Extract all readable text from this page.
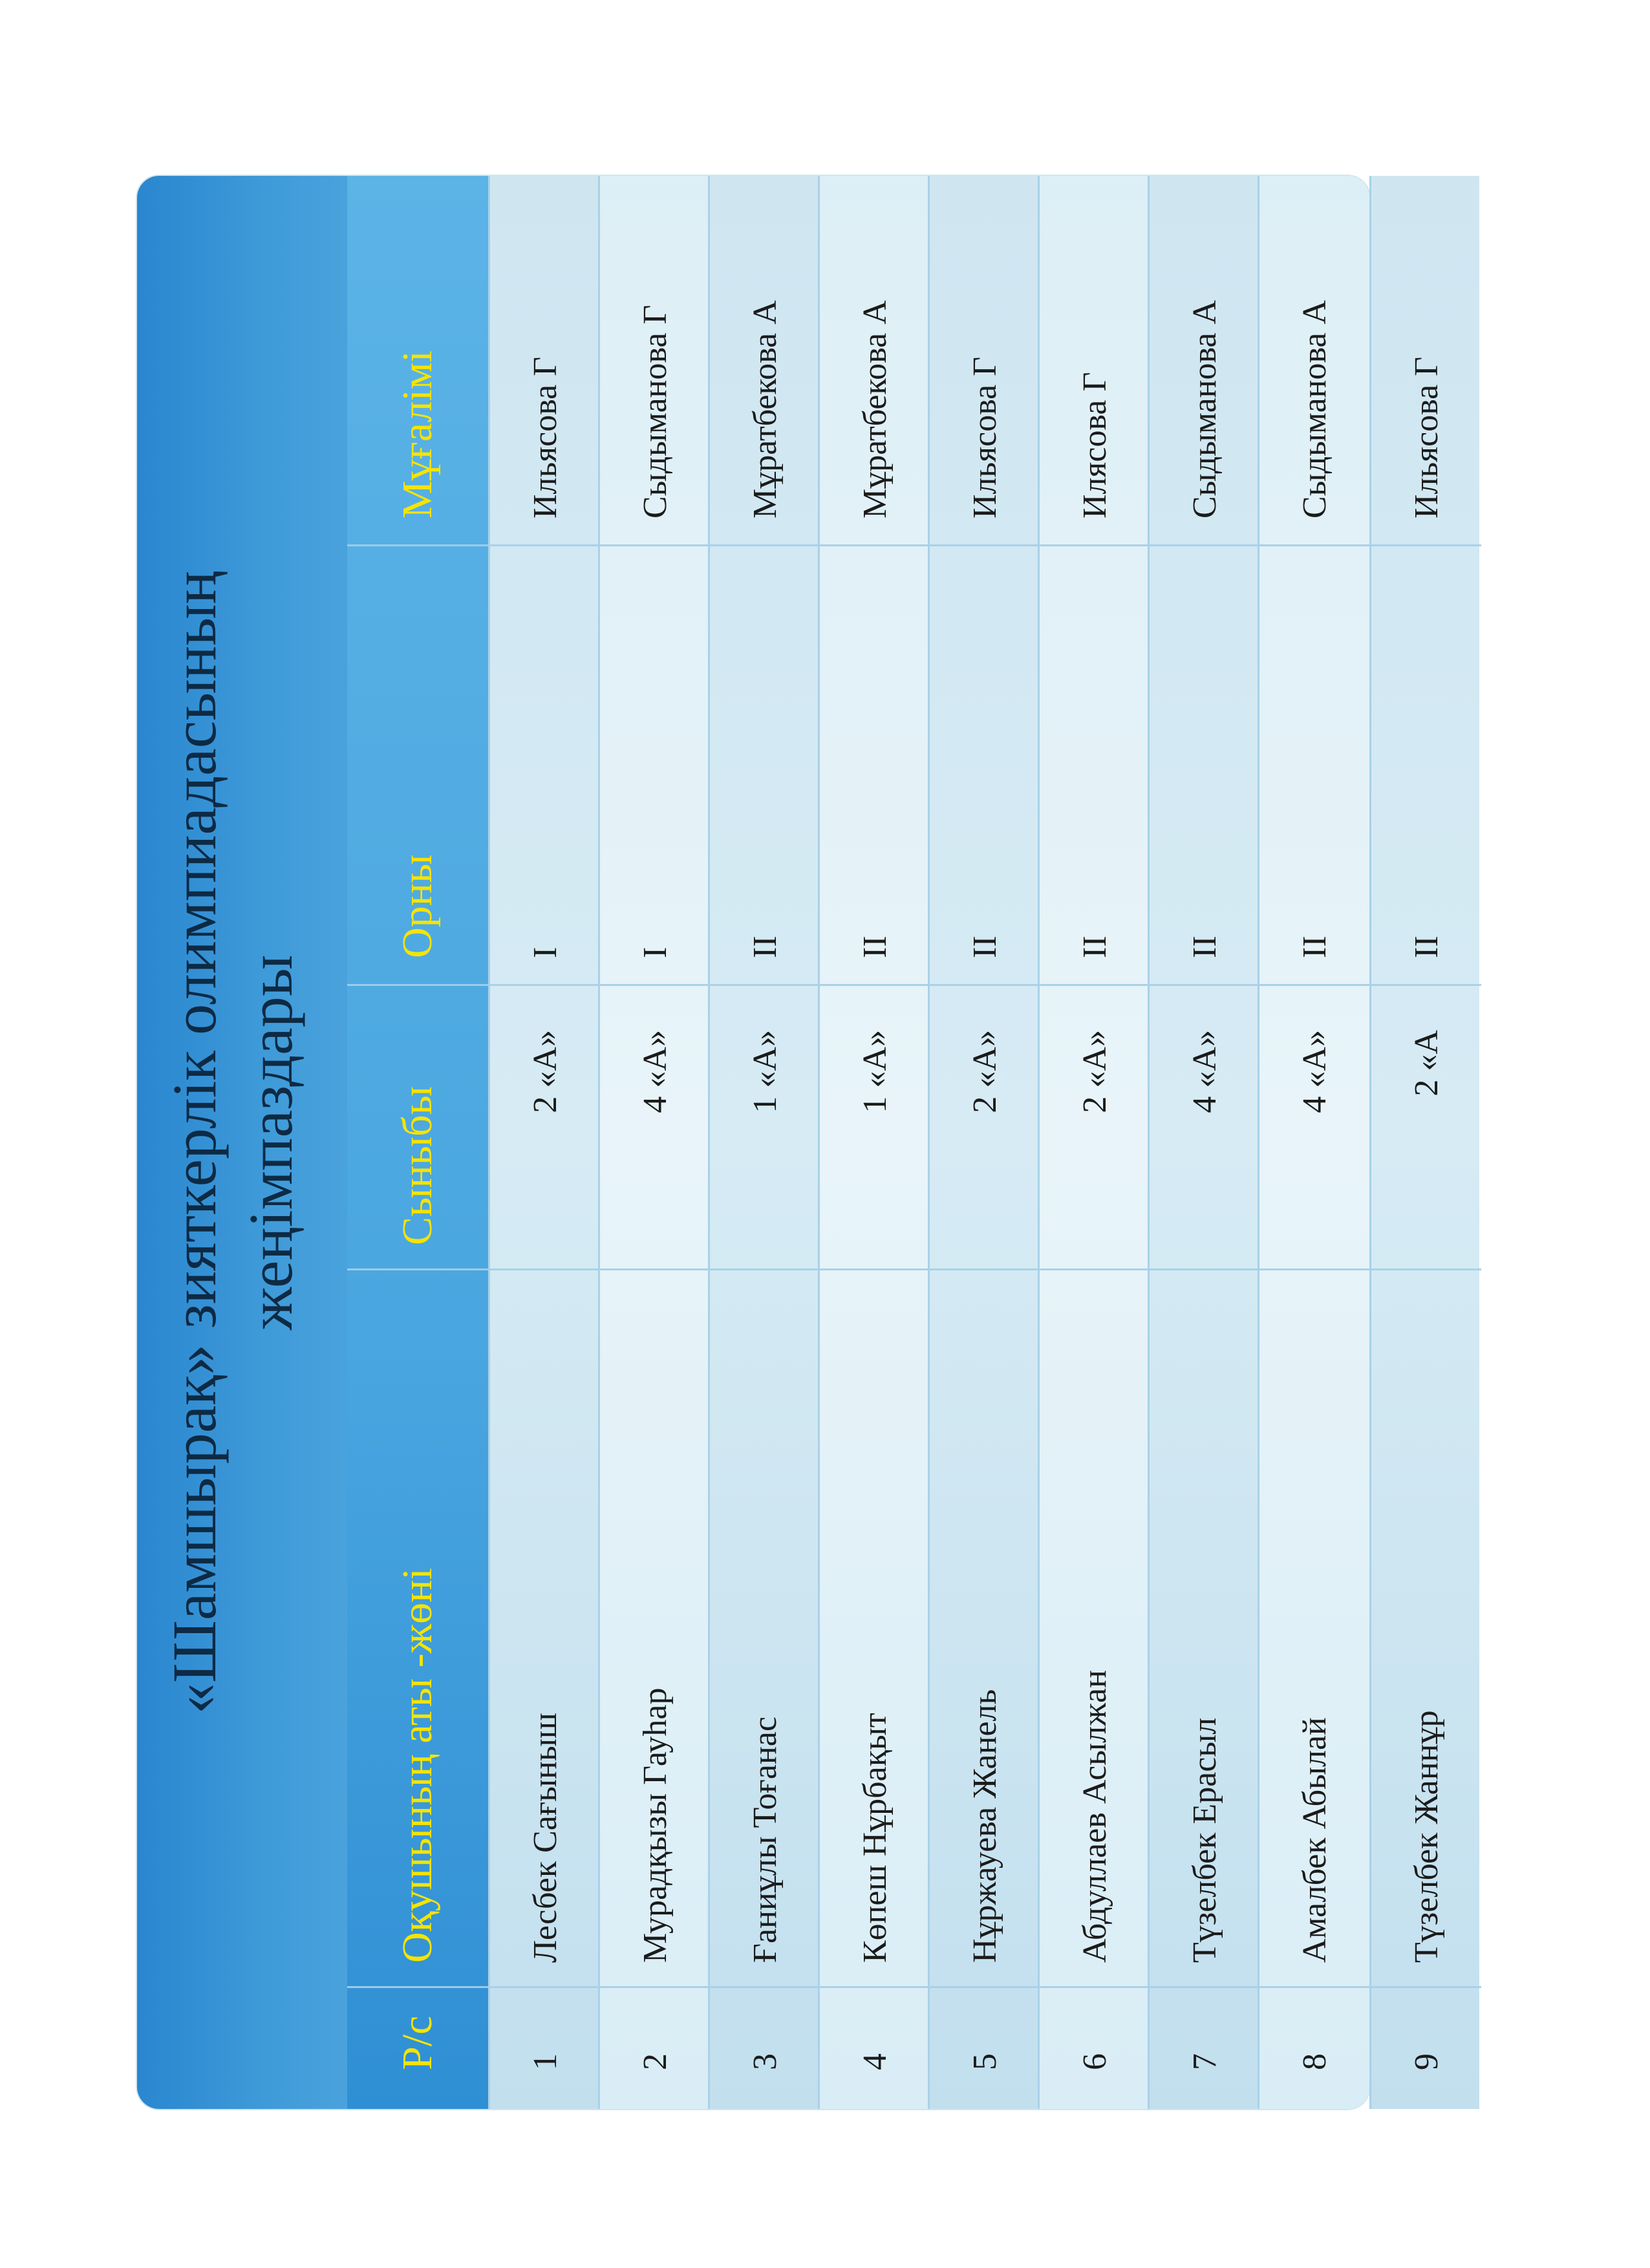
«Шамшырақ» зияткерлік олимпиадасының жеңімпаздары
Р/с
Оқушының аты -жөні
Сыныбы
Орны
Мұғалімі
1
Лесбек Сағыныш
2 «А»
I
Ильясова Г
2
Мурадқызы Гауһар
4 «А»
I
Сыдыманова Г
3
Ғаниұлы Тоғанас
1 «А»
II
Мұратбекова А
4
Көпеш Нұрбақыт
1 «А»
II
Мұратбекова А
5
Нұржауева Жанель
2 «А»
II
Ильясова Г
6
Абдуллаев Асылжан
2 «А»
II
Илясова Г
7
Түзелбек Ерасыл
4 «А»
II
Сыдыманова А
8
Амалбек Абылай
4 «А»
II
Сыдыманова А
9
Түзелбек Жаннұр
2 «А
II
Ильясова Г
